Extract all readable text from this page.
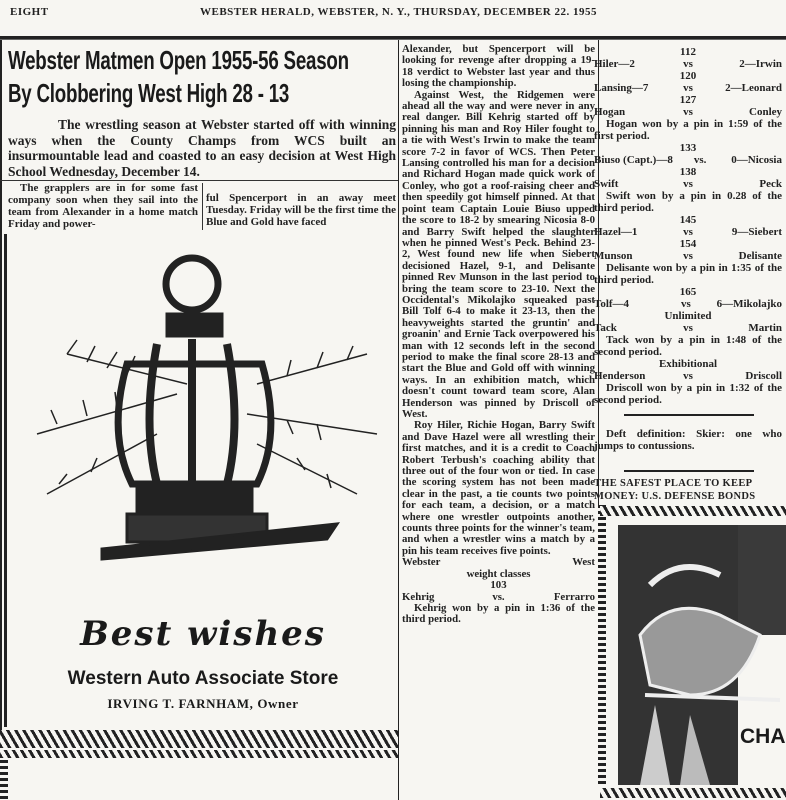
EIGHT	WEBSTER HERALD, WEBSTER, N. Y., THURSDAY, DECEMBER 22. 1955
Webster Matmen Open 1955-56 Season
By Clobbering West High 28 - 13

The wrestling season at Webster started off with winning ways when the County Champs from WCS built an insurmountable lead and coasted to an easy decision at West High School Wednesday, December 14.

The grapplers are in for some fast company soon when they sail into the team from Alexander in a home match Friday and power-

ful Spencerport in an away meet Tuesday. Friday will be the first time the Blue and Gold have faced

Best wishes
Western Auto Associate Store
IRVING T. FARNHAM, Owner

Alexander, but Spencerport will be looking for revenge after dropping a 19-18 verdict to Webster last year and thus losing the championship.

Against West, the Ridgemen were ahead all the way and were never in any real danger. Bill Kehrig started off by pinning his man and Roy Hiler fought to a tie with West's Irwin to make the team score 7-2 in favor of WCS. Then Peter Lansing controlled his man for a decision and Richard Hogan made quick work of Conley, who got a roof-raising cheer and then speedily got himself pinned. At that point team Captain Louie Biuso upped the score to 18-2 by smearing Nicosia 8-0 and Barry Swift helped the slaughter when he pinned West's Peck. Behind 23-2, West found new life when Siebert decisioned Hazel, 9-1, and Delisante pinned Rev Munson in the last period to bring the team score to 23-10. Next the Occidental's Mikolajko squeaked past Bill Tolf 6-4 to make it 23-13, then the heavyweights started the gruntin' and groanin' and Ernie Tack overpowered his man with 12 seconds left in the second period to make the final score 28-13 and start the Blue and Gold off with winning ways. In an exhibition match, which doesn't count toward team score, Alan Henderson was pinned by Driscoll of West.

Roy Hiler, Richie Hogan, Barry Swift and Dave Hazel were all wrestling their first matches, and it is a credit to Coach Robert Terbush's coaching ability that three out of the four won or tied. In case the scoring system has not been made clear in the past, a tie counts two points for each team, a decision, or a match where one wrestler outpoints another, counts three points for the winner's team, and when a wrestler wins a match by a pin his team receives five points.

Webster	West
weight classes
103
Kehrig	vs.	Ferrarro
Kehrig won by a pin in 1:36 of the third period.
112
Hiler—2	vs	2—Irwin
120
Lansing—7	vs	2—Leonard
127
Hogan	vs	Conley
Hogan won by a pin in 1:59 of the first period.
133
Biuso (Capt.)—8	vs.	0—Nicosia
138
Swift	vs	Peck
Swift won by a pin in 0.28 of the third period.
145
Hazel—1	vs	9—Siebert
154
Munson	vs	Delisante
Delisante won by a pin in 1:35 of the third period.
165
Tolf—4	vs	6—Mikolajko
Unlimited
Tack	vs	Martin
Tack won by a pin in 1:48 of the second period.
Exhibitional
Henderson	vs	Driscoll
Driscoll won by a pin in 1:32 of the second period.
Deft definition: Skier: one who jumps to contussions.
THE SAFEST PLACE TO KEEP MONEY: U.S. DEFENSE BONDS
CHA
